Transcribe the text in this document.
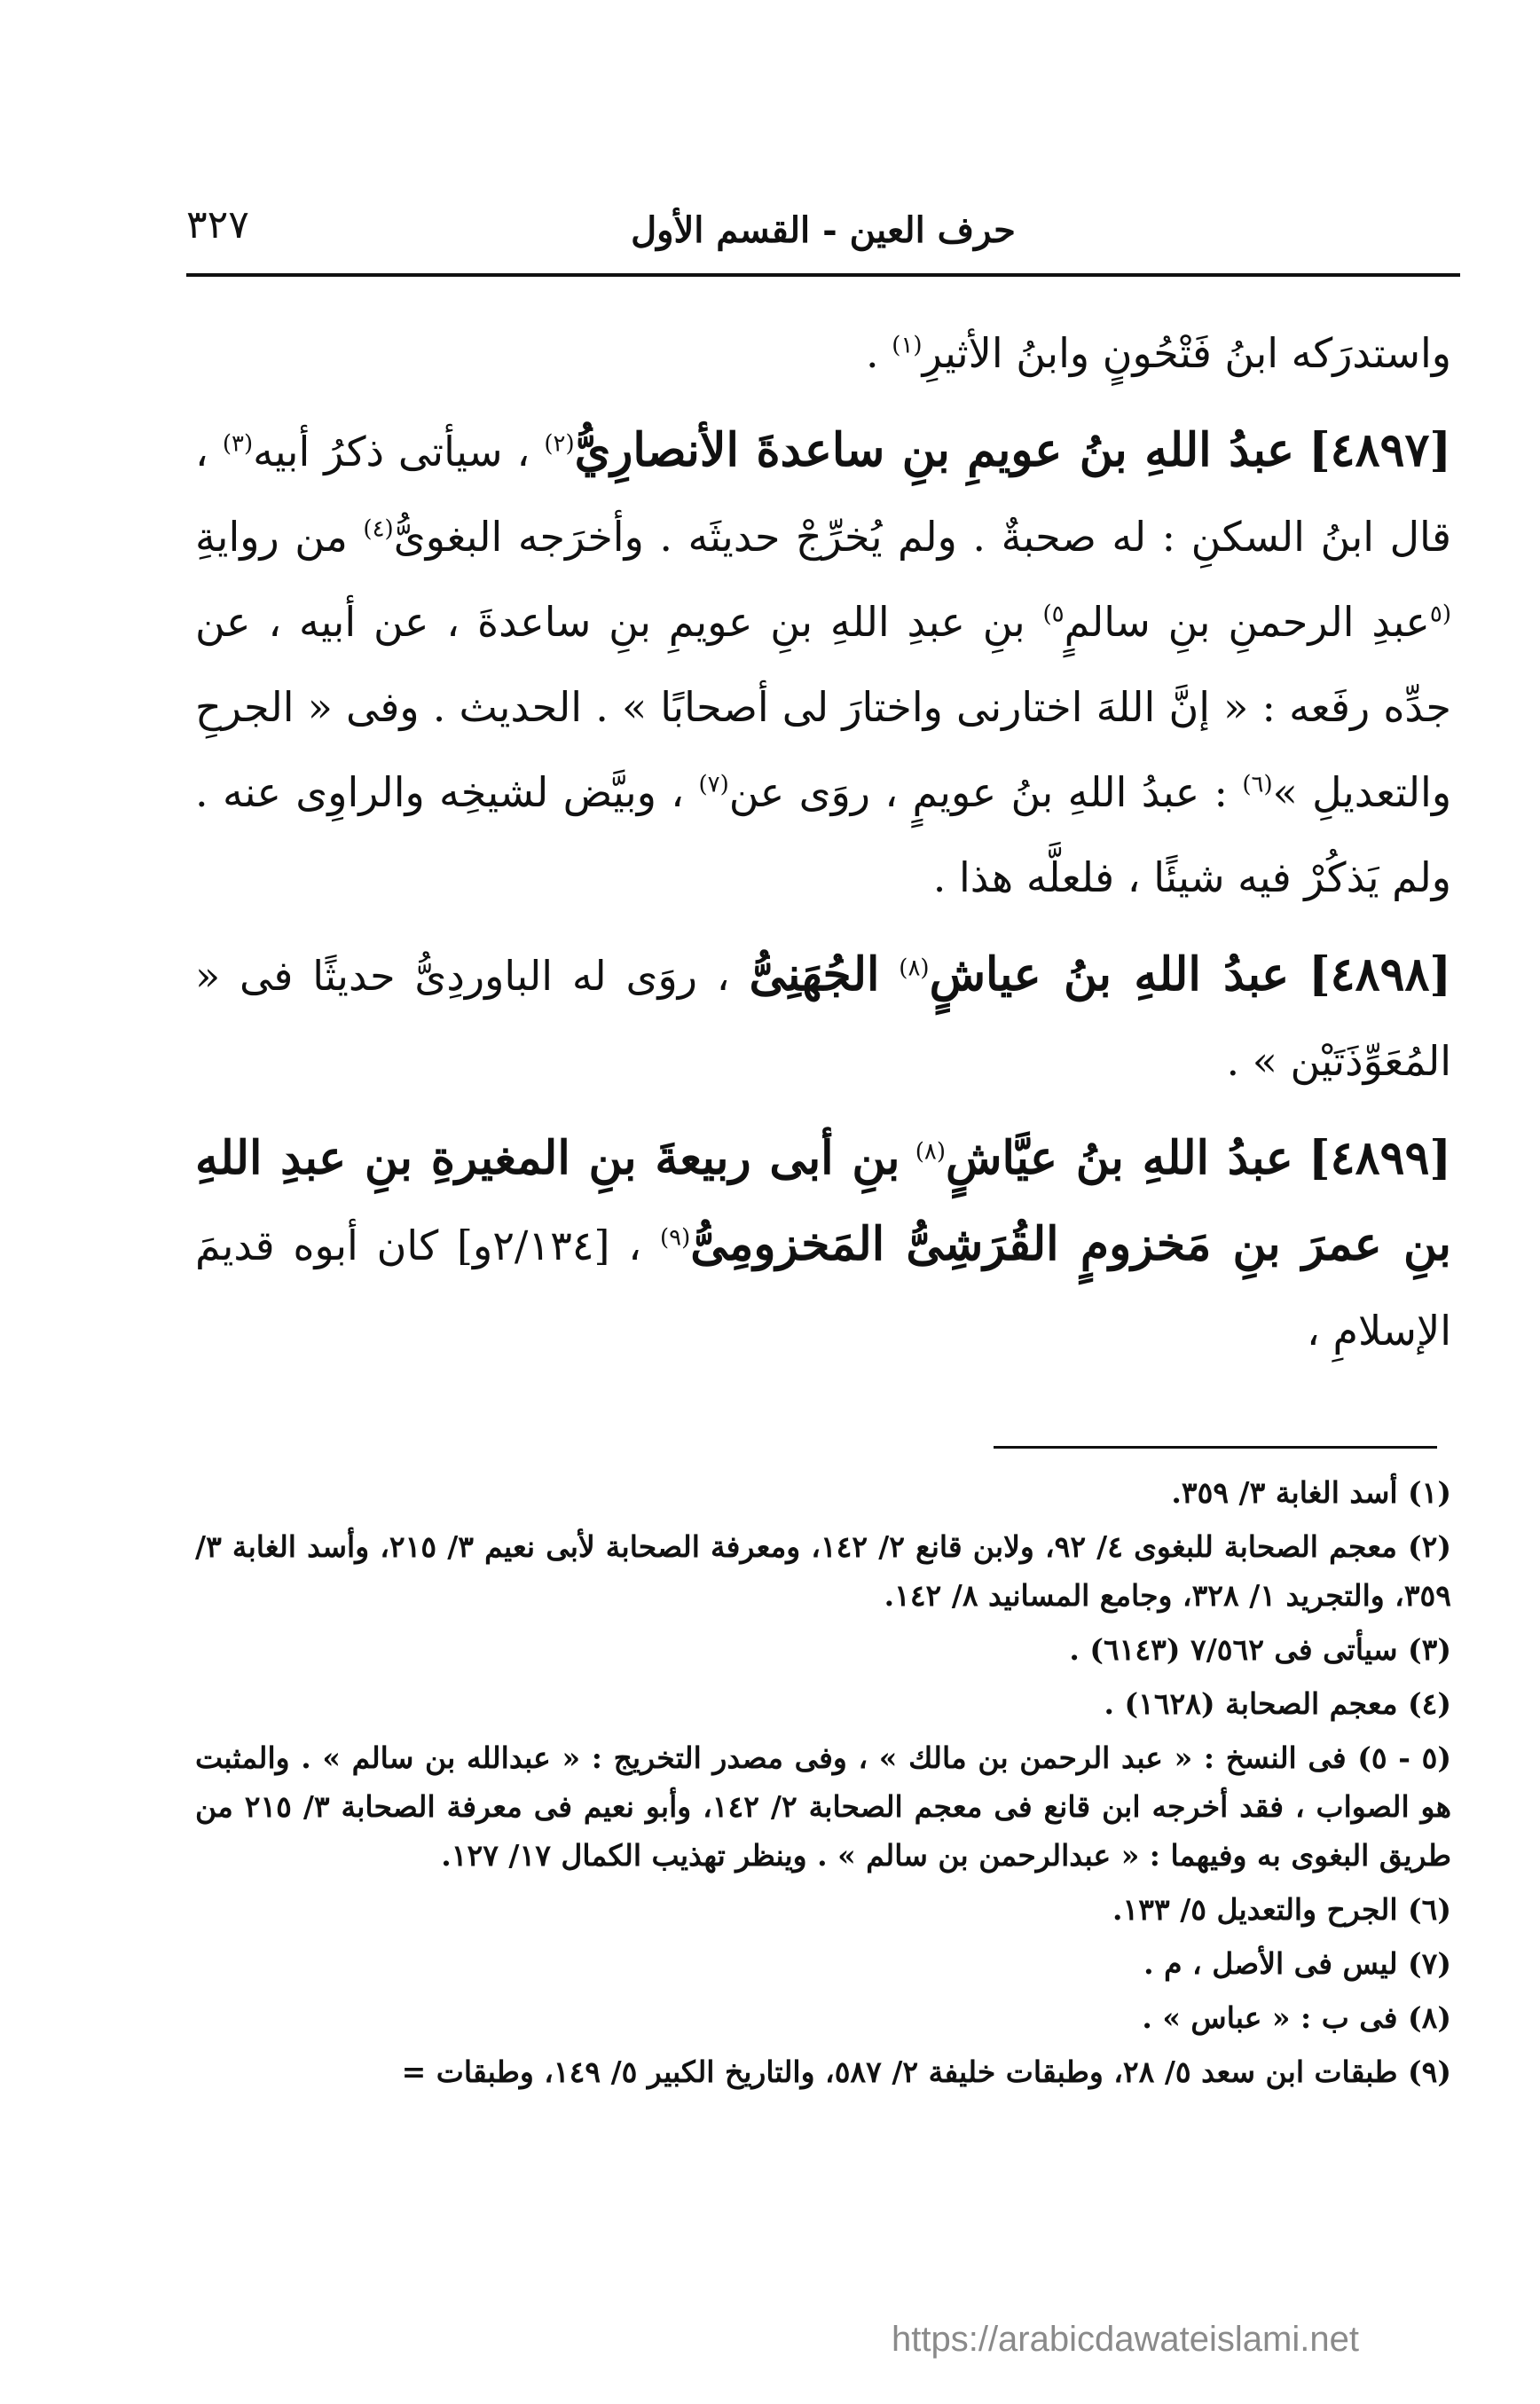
حرف العين - القسم الأول
٣٢٧

واستدرَكه ابنُ فَتْحُونٍ وابنُ الأثيرِ$^{(١)}$ .

[٤٨٩٧] عبدُ اللهِ بنُ عويمِ بنِ ساعدةَ الأنصارِيُّ$^{(٢)}$ ، سيأتى ذكرُ أبيه$^{(٣)}$ ، قال ابنُ السكنِ : له صحبةٌ . ولم يُخرِّجْ حديثَه . وأخرَجه البغوىُّ$^{(٤)}$ من روايةِ $^{(٥}$عبدِ الرحمنِ بنِ سالمٍ$^{٥)}$ بنِ عبدِ اللهِ بنِ عويمِ بنِ ساعدةَ ، عن أبيه ، عن جدِّه رفَعه : « إنَّ اللهَ اختارنى واختارَ لى أصحابًا » . الحديث . وفى « الجرحِ والتعديلِ »$^{(٦)}$ : عبدُ اللهِ بنُ عويمٍ ، روَى عن$^{(٧)}$ ، وبيَّض لشيخِه والراوِى عنه . ولم يَذكُرْ فيه شيئًا ، فلعلَّه هذا .

[٤٨٩٨] عبدُ اللهِ بنُ عياشٍ$^{(٨)}$ الجُهَنِىُّ ، روَى له الباوردِىُّ حديثًا فى « المُعَوِّذَتَيْن » .

[٤٨٩٩] عبدُ اللهِ بنُ عيَّاشٍ$^{(٨)}$ بنِ أبى ربيعةَ بنِ المغيرةِ بنِ عبدِ اللهِ بنِ عمرَ بنِ مَخزومٍ القُرَشِىُّ المَخزومِىُّ$^{(٩)}$ ، [٢/١٣٤و] كان أبوه قديمَ الإسلامِ ،

(١) أسد الغابة ٣/ ٣٥٩.
(٢) معجم الصحابة للبغوى ٤/ ٩٢، ولابن قانع ٢/ ١٤٢، ومعرفة الصحابة لأبى نعيم ٣/ ٢١٥، وأسد الغابة ٣/ ٣٥٩، والتجريد ١/ ٣٢٨، وجامع المسانيد ٨/ ١٤٢.
(٣) سيأتى فى ٧/٥٦٢ (٦١٤٣) .
(٤) معجم الصحابة (١٦٢٨) .
(٥ - ٥) فى النسخ : « عبد الرحمن بن مالك » ، وفى مصدر التخريج : « عبدالله بن سالم » . والمثبت هو الصواب ، فقد أخرجه ابن قانع فى معجم الصحابة ٢/ ١٤٢، وأبو نعيم فى معرفة الصحابة ٣/ ٢١٥ من طريق البغوى به وفيهما : « عبدالرحمن بن سالم » . وينظر تهذيب الكمال ١٧/ ١٢٧.
(٦) الجرح والتعديل ٥/ ١٣٣.
(٧) ليس فى الأصل ، م .
(٨) فى ب : « عباس » .
(٩) طبقات ابن سعد ٥/ ٢٨، وطبقات خليفة ٢/ ٥٨٧، والتاريخ الكبير ٥/ ١٤٩، وطبقات =
https://arabicdawateislami.net
